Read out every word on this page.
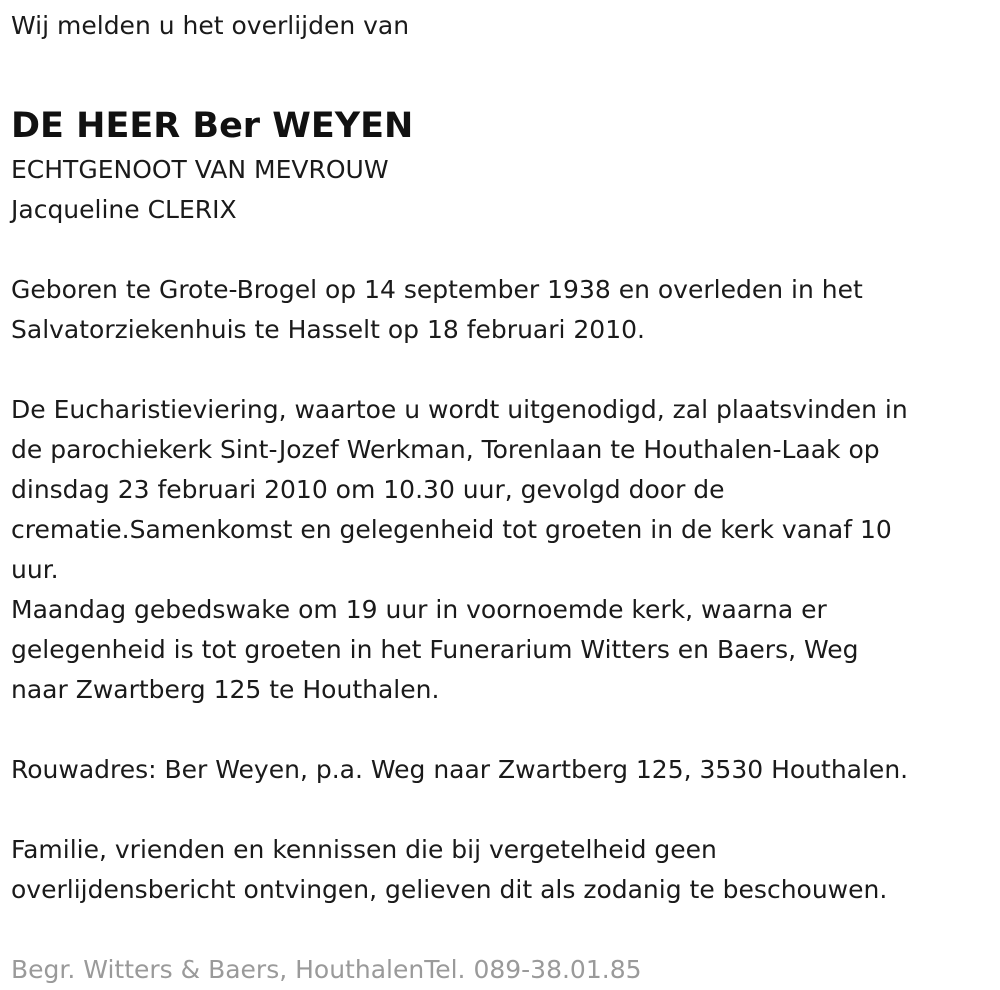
Wij melden u het overlijden van
DE HEER Ber WEYEN
ECHTGENOOT VAN MEVROUW
Jacqueline CLERIX
Geboren te Grote-Brogel op 14 september 1938 en overleden in het
Salvatorziekenhuis te Hasselt op 18 februari 2010.
De Eucharistieviering, waartoe u wordt uitgenodigd, zal plaatsvinden in
de parochiekerk Sint-Jozef Werkman, Torenlaan te Houthalen-Laak op
dinsdag 23 februari 2010 om 10.30 uur, gevolgd door de
crematie.Samenkomst en gelegenheid tot groeten in de kerk vanaf 10
uur.
Maandag gebedswake om 19 uur in voornoemde kerk, waarna er
gelegenheid is tot groeten in het Funerarium Witters en Baers, Weg
naar Zwartberg 125 te Houthalen.
Rouwadres: Ber Weyen, p.a. Weg naar Zwartberg 125, 3530 Houthalen.
Familie, vrienden en kennissen die bij vergetelheid geen
overlijdensbericht ontvingen, gelieven dit als zodanig te beschouwen.
Begr. Witters & Baers, HouthalenTel. 089-38.01.85
